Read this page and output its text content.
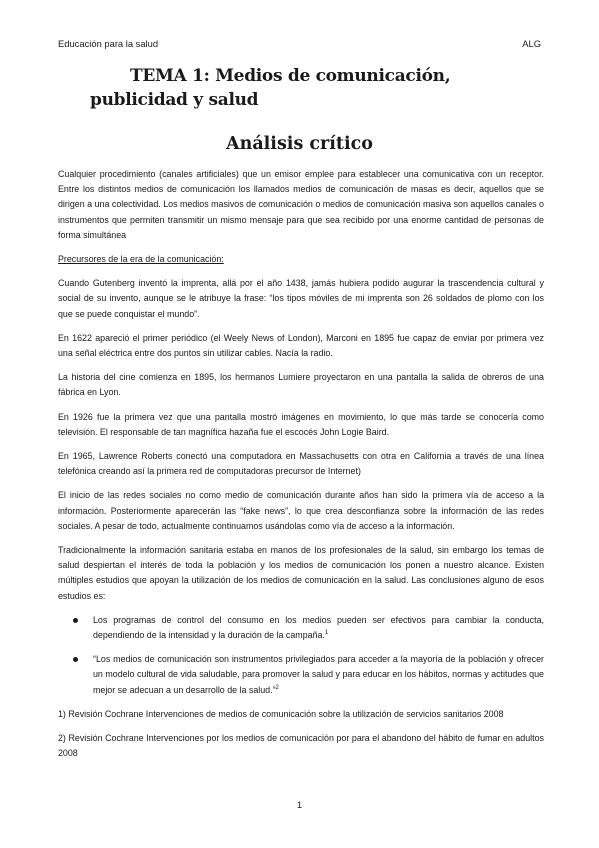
Educación para la salud	ALG
TEMA 1: Medios de comunicación, publicidad y salud
Análisis crítico

Cualquier procedimiento (canales artificiales) que un emisor emplee para establecer una comunicativa con un receptor. Entre los distintos medios de comunicación los llamados medios de comunicación de masas es decir, aquellos que se dirigen a una colectividad. Los medios masivos de comunicación o medios de comunicación masiva son aquellos canales o instrumentos que permiten transmitir un mismo mensaje para que sea recibido por una enorme cantidad de personas de forma simultánea

Precursores de la era de la comunicación:

Cuando Gutenberg inventó la imprenta, allá por el año 1438, jamás hubiera podido augurar la trascendencia cultural y social de su invento, aunque se le atribuye la frase: “los tipos móviles de mi imprenta son 26 soldados de plomo con los que se puede conquistar el mundo”.

En 1622 apareció el primer periódico (el Weely News of London), Marconi en 1895 fue capaz de enviar por primera vez una señal eléctrica entre dos puntos sin utilizar cables. Nacía la radio.

La historia del cine comienza en 1895, los hermanos Lumiere proyectaron en una pantalla la salida de obreros de una fábrica en Lyon.

En 1926 fue la primera vez que una pantalla mostró imágenes en movimiento, lo que más tarde se conocería como televisión. El responsable de tan magnífica hazaña fue el escocés John Logie Baird.

En 1965, Lawrence Roberts conectó una computadora en Massachusetts con otra en California a través de una línea telefónica creando así la primera red de computadoras precursor de Internet)

El inicio de las redes sociales no como medio de comunicación durante años han sido la primera vía de acceso a la información. Posteriormente aparecerán las “fake news”, lo que crea desconfianza sobre la información de las redes sociales. A pesar de todo, actualmente continuamos usándolas como vía de acceso a la información.

Tradicionalmente la información sanitaria estaba en manos de los profesionales de la salud, sin embargo los temas de salud despiertan el interés de toda la población y los medios de comunicación los ponen a nuestro alcance. Existen múltiples estudios que apoyan la utilización de los medios de comunicación en la salud. Las conclusiones alguno de esos estudios es:

Los programas de control del consumo en los medios pueden ser efectivos para cambiar la conducta, dependiendo de la intensidad y la duración de la campaña.$^1$
“Los medios de comunicación son instrumentos privilegiados para acceder a la mayoría de la población y ofrecer un modelo cultural de vida saludable, para promover la salud y para educar en los hábitos, normas y actitudes que mejor se adecuan a un desarrollo de la salud.”$^2$

1) Revisión Cochrane Intervenciones de medios de comunicación sobre la utilización de servicios sanitarios 2008

2) Revisión Cochrane Intervenciones por los medios de comunicación por para el abandono del hábito de fumar en adultos 2008

1
